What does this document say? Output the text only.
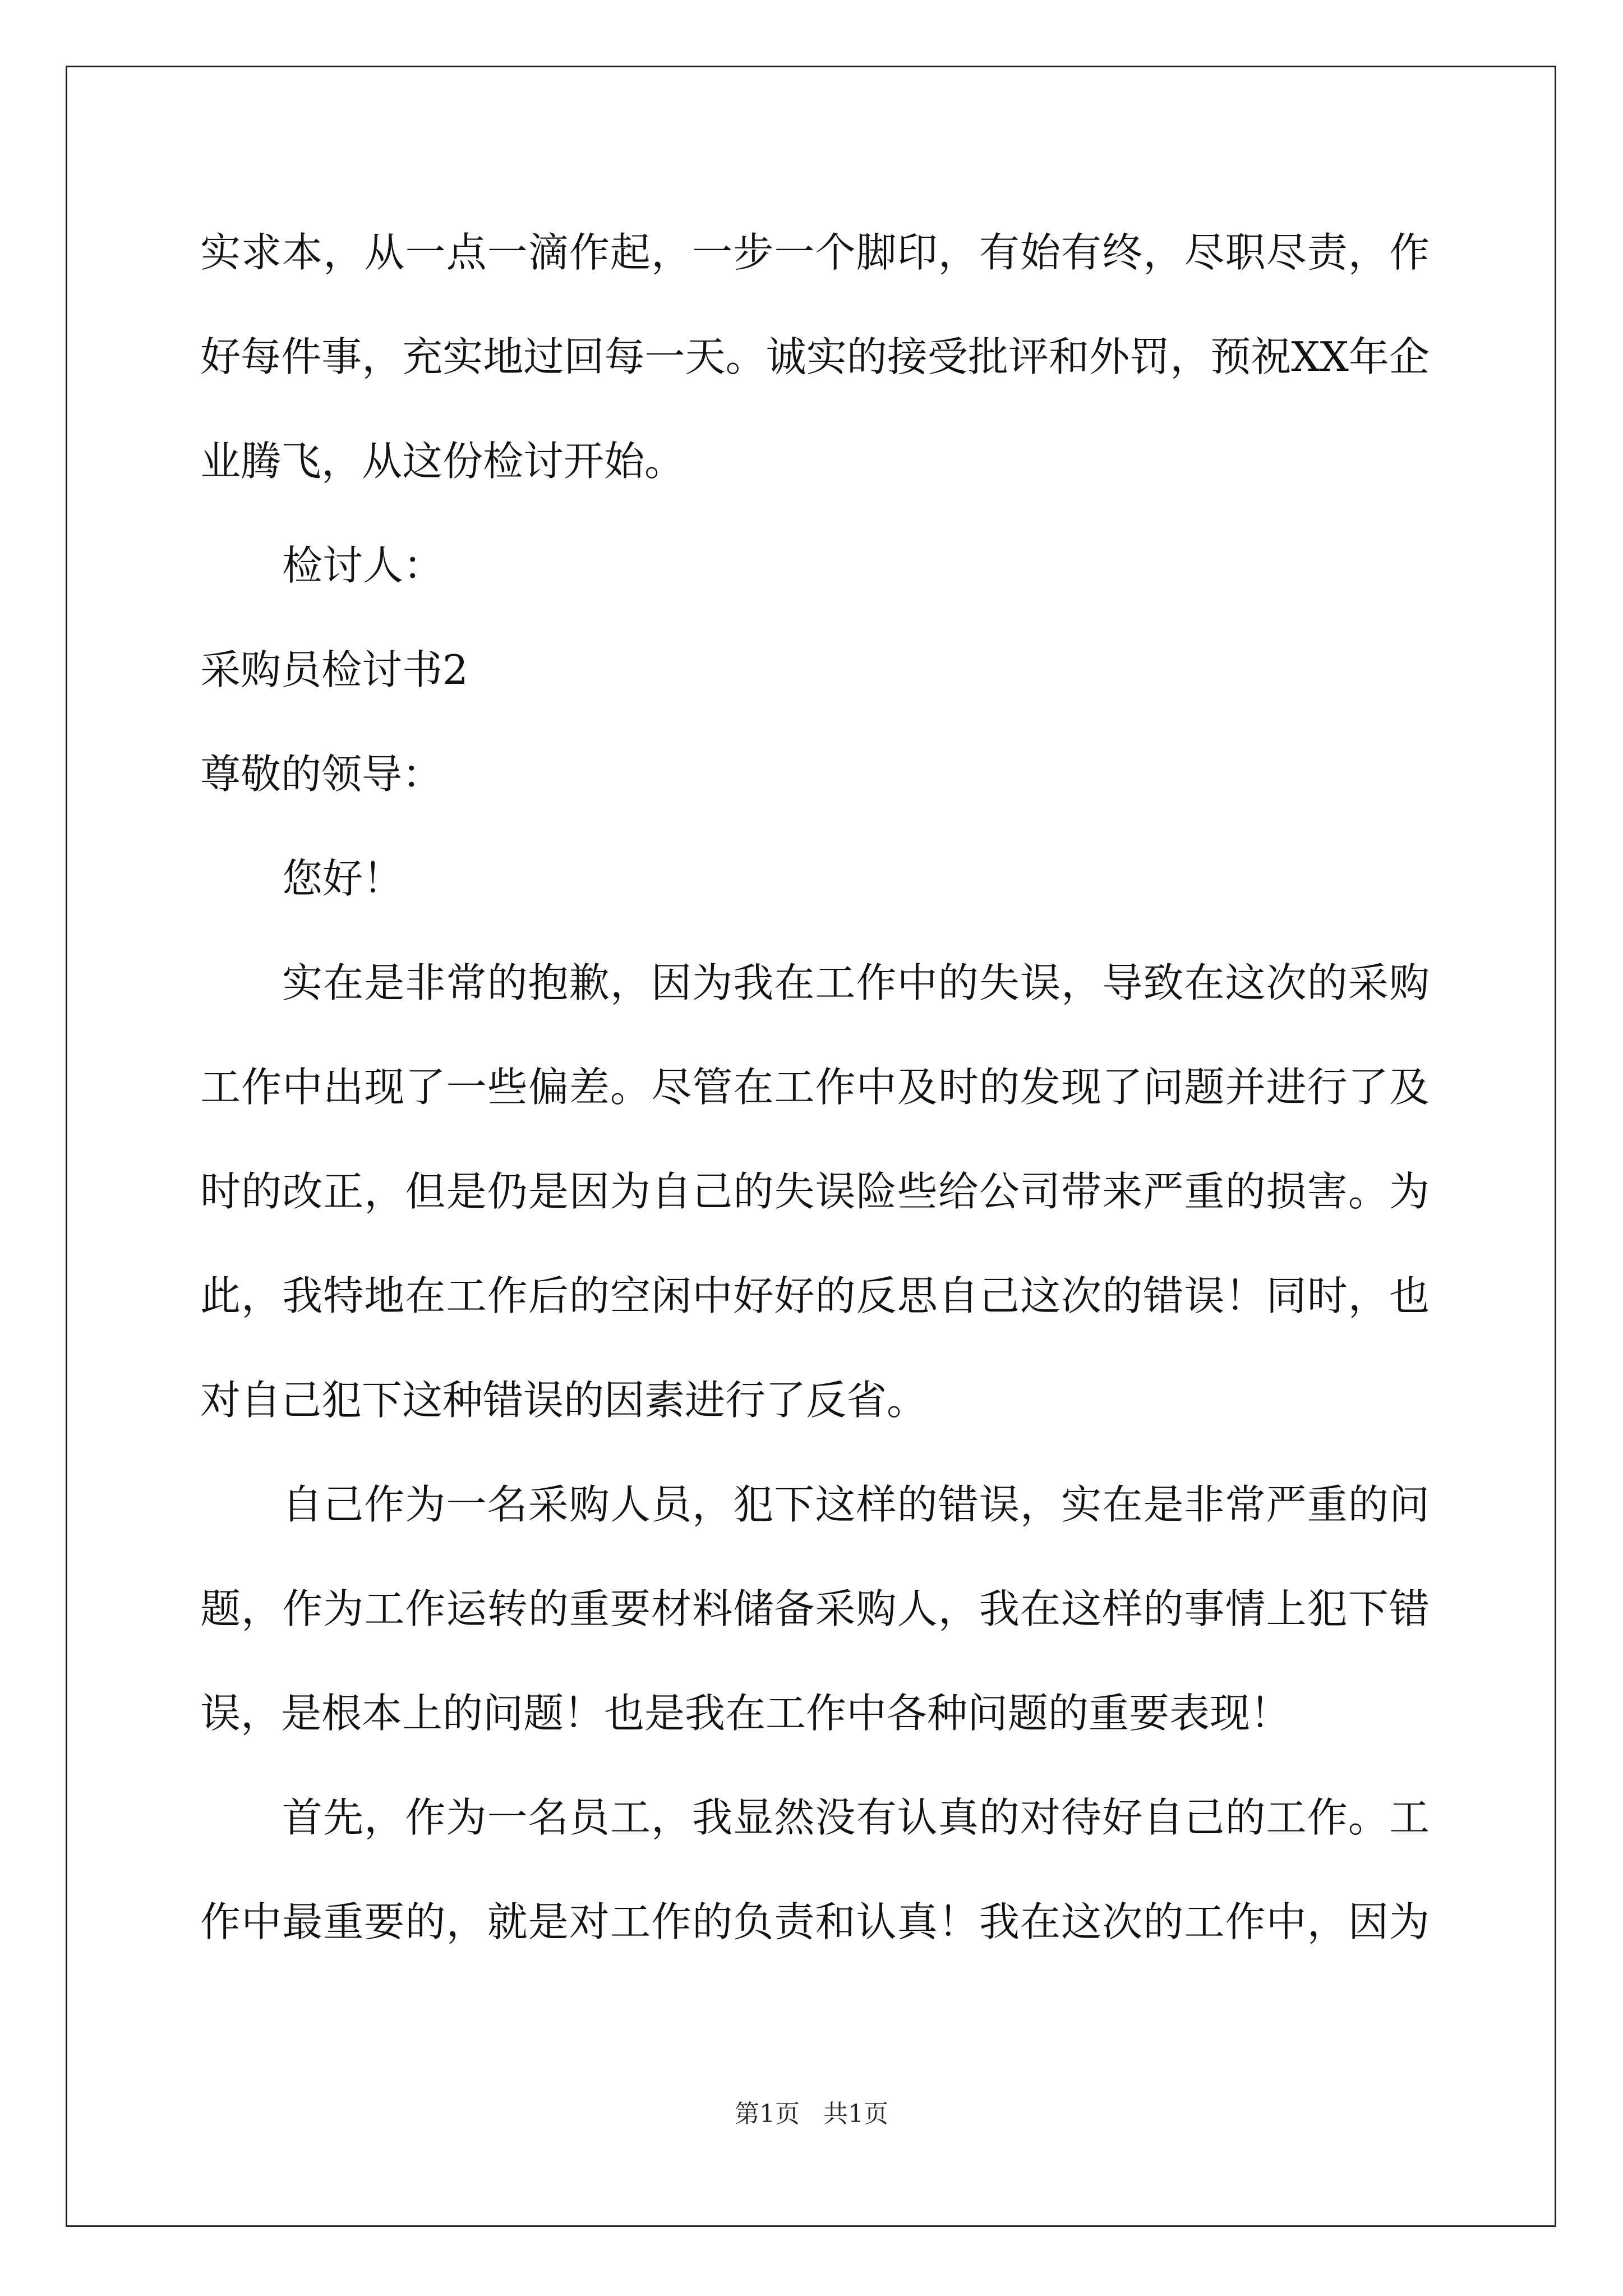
实求本，从一点一滴作起，一步一个脚印，有始有终，尽职尽责，作

好每件事，充实地过回每一天。诚实的接受批评和外罚，预祝XX年企

业腾飞，从这份检讨开始。

检讨人：

采购员检讨书2

尊敬的领导：

您好！

实在是非常的抱歉，因为我在工作中的失误，导致在这次的采购

工作中出现了一些偏差。尽管在工作中及时的发现了问题并进行了及

时的改正，但是仍是因为自己的失误险些给公司带来严重的损害。为

此，我特地在工作后的空闲中好好的反思自己这次的错误！同时，也

对自己犯下这种错误的因素进行了反省。

自己作为一名采购人员，犯下这样的错误，实在是非常严重的问

题，作为工作运转的重要材料储备采购人，我在这样的事情上犯下错

误，是根本上的问题！也是我在工作中各种问题的重要表现！

首先，作为一名员工，我显然没有认真的对待好自己的工作。工

作中最重要的，就是对工作的负责和认真！我在这次的工作中，因为

第1页 共1页
